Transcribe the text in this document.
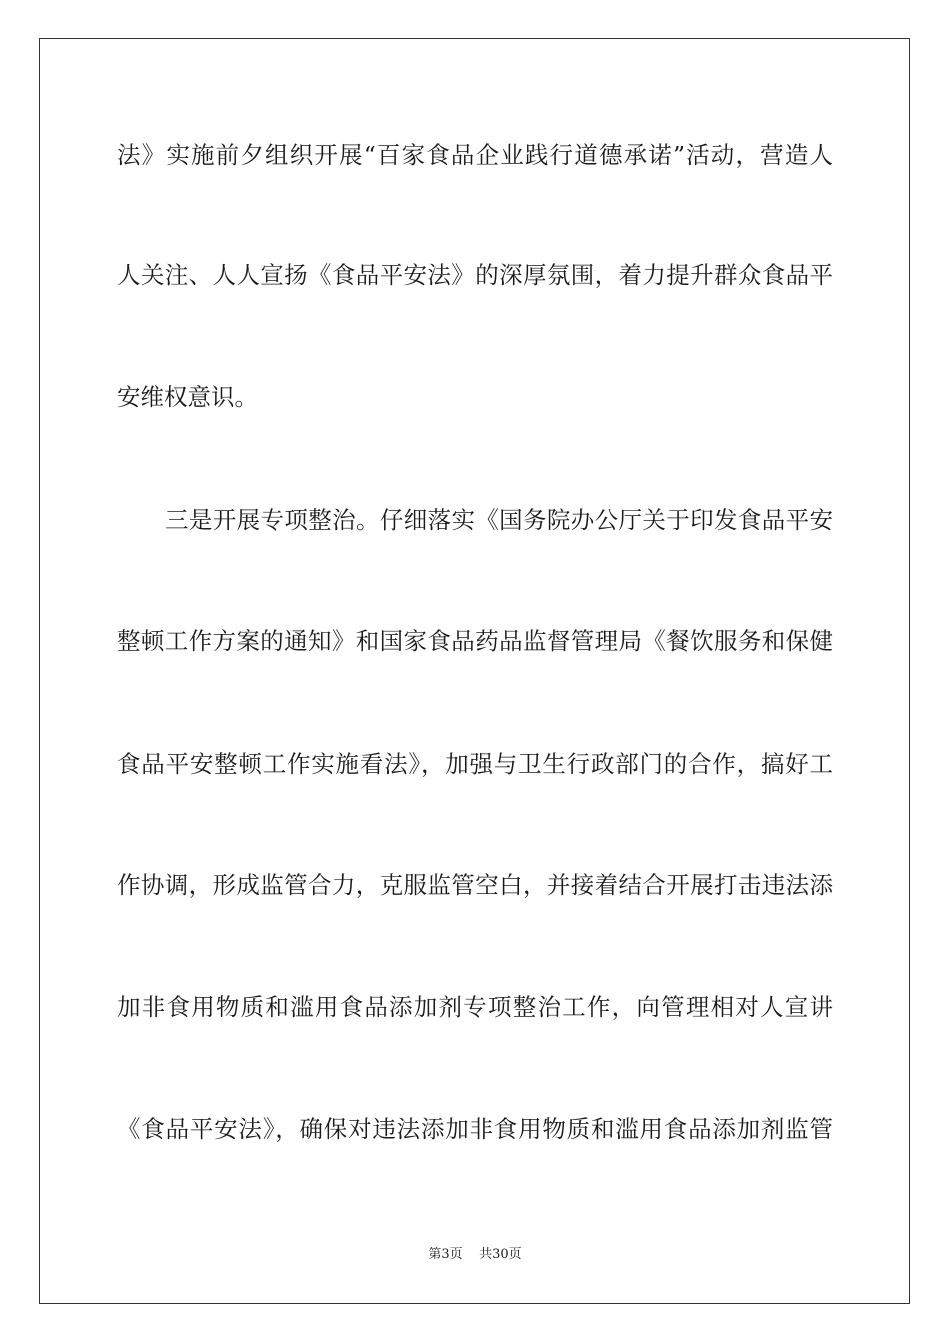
法》实施前夕组织开展“百家食品企业践行道德承诺”活动，营造人
人关注、人人宣扬《食品平安法》的深厚氛围，着力提升群众食品平
安维权意识。
三是开展专项整治。仔细落实《国务院办公厅关于印发食品平安
整顿工作方案的通知》和国家食品药品监督管理局《餐饮服务和保健
食品平安整顿工作实施看法》，加强与卫生行政部门的合作，搞好工
作协调，形成监管合力，克服监管空白，并接着结合开展打击违法添
加非食用物质和滥用食品添加剂专项整治工作，向管理相对人宣讲
《食品平安法》，确保对违法添加非食用物质和滥用食品添加剂监管
第3页    共30页
